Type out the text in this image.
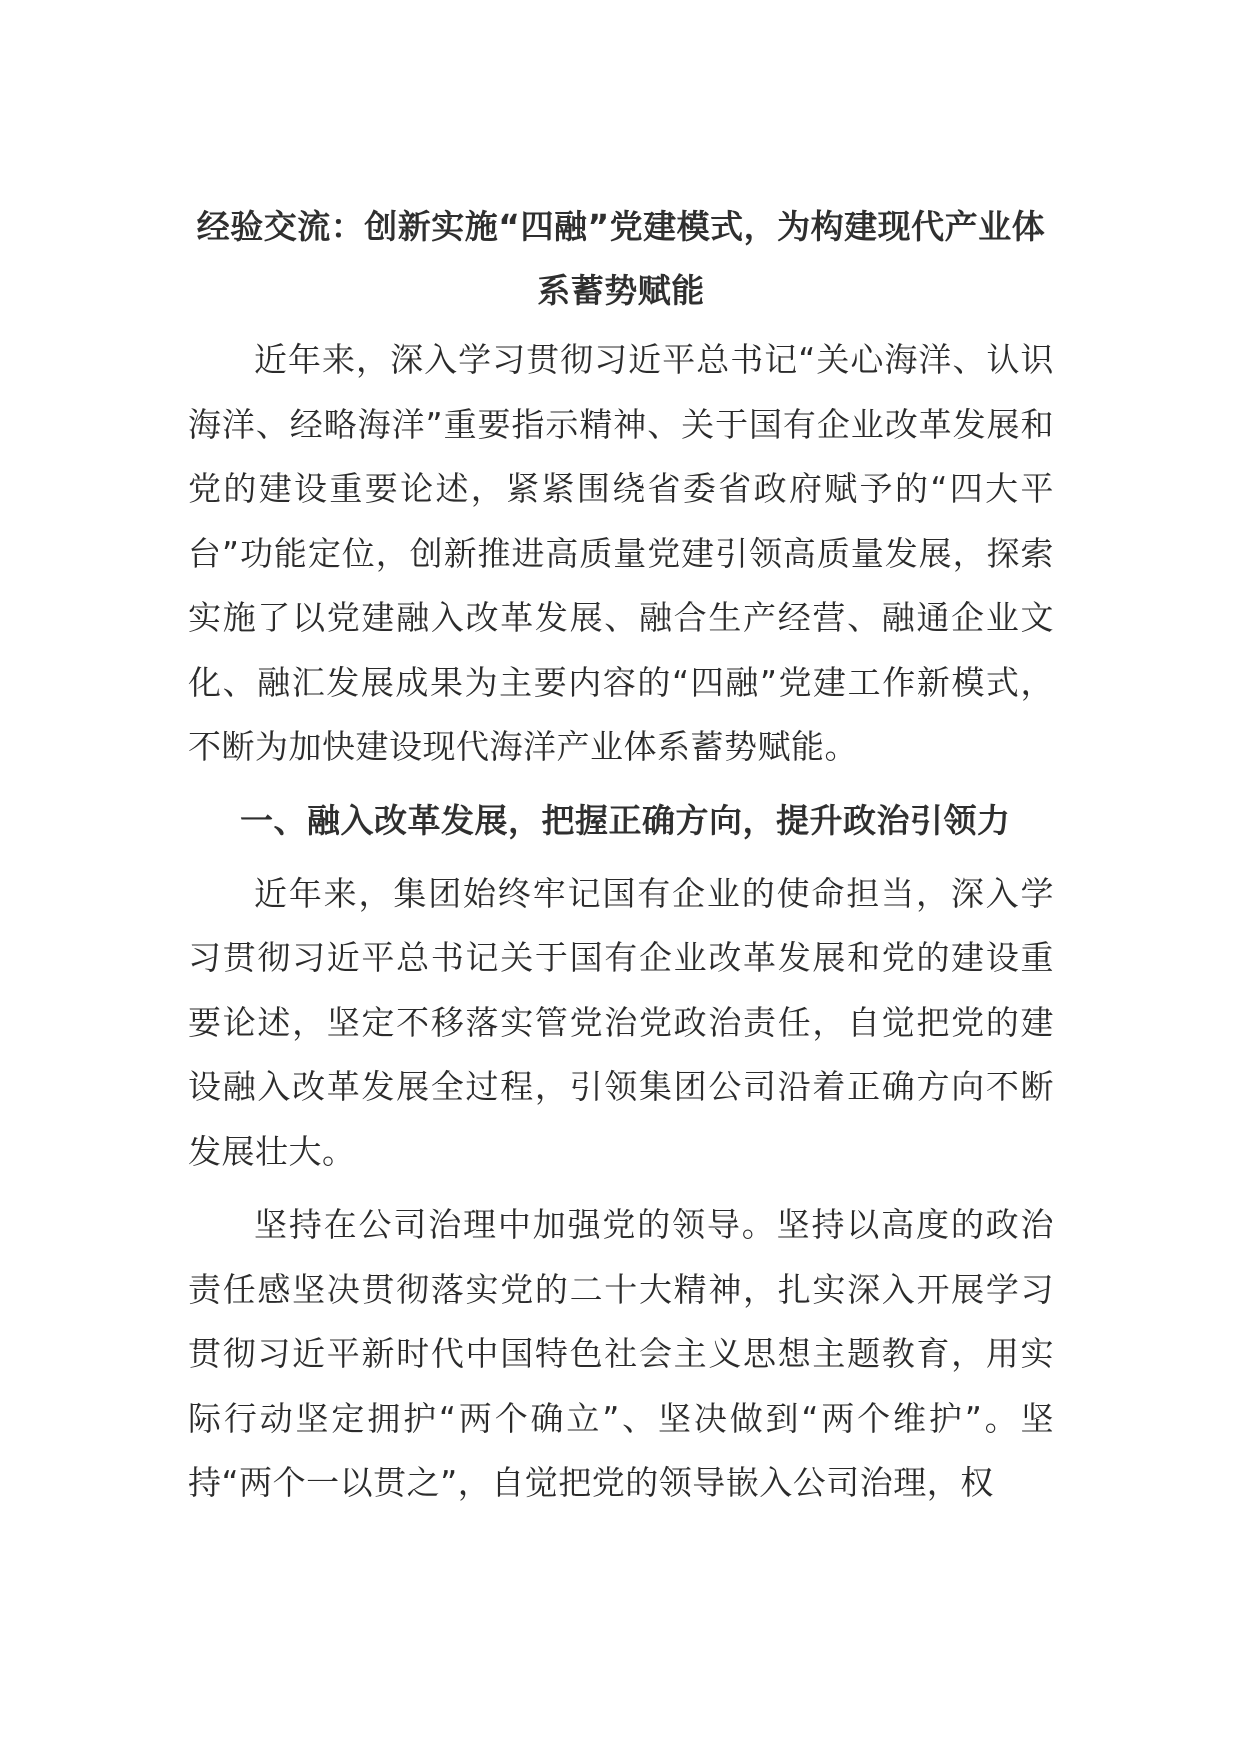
经验交流：创新实施“四融”党建模式，为构建现代产业体系蓄势赋能

近年来，深入学习贯彻习近平总书记“关心海洋、认识海洋、经略海洋”重要指示精神、关于国有企业改革发展和党的建设重要论述，紧紧围绕省委省政府赋予的“四大平台”功能定位，创新推进高质量党建引领高质量发展，探索实施了以党建融入改革发展、融合生产经营、融通企业文化、融汇发展成果为主要内容的“四融”党建工作新模式，不断为加快建设现代海洋产业体系蓄势赋能。

一、融入改革发展，把握正确方向，提升政治引领力

近年来，集团始终牢记国有企业的使命担当，深入学习贯彻习近平总书记关于国有企业改革发展和党的建设重要论述，坚定不移落实管党治党政治责任，自觉把党的建设融入改革发展全过程，引领集团公司沿着正确方向不断发展壮大。

坚持在公司治理中加强党的领导。坚持以高度的政治责任感坚决贯彻落实党的二十大精神，扎实深入开展学习贯彻习近平新时代中国特色社会主义思想主题教育，用实际行动坚定拥护“两个确立”、坚决做到“两个维护”。坚持“两个一以贯之”，自觉把党的领导嵌入公司治理，权
